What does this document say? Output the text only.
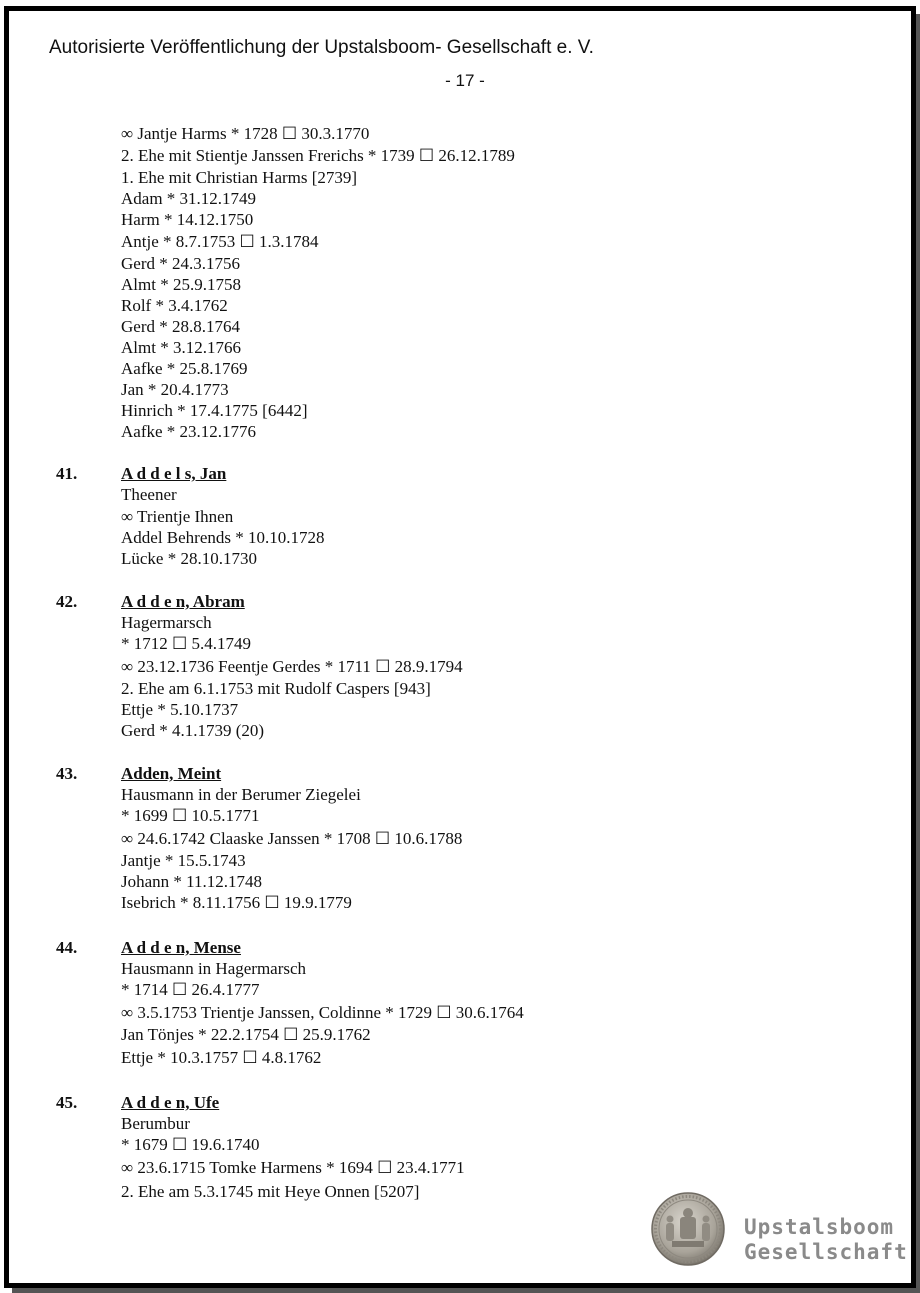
Autorisierte Veröffentlichung der Upstalsboom- Gesellschaft e. V.
- 17 -
∞ Jantje Harms * 1728 ☐ 30.3.1770
2. Ehe mit Stientje Janssen Frerichs * 1739 ☐ 26.12.1789
1. Ehe mit Christian Harms [2739]
Adam * 31.12.1749
Harm * 14.12.1750
Antje * 8.7.1753 ☐ 1.3.1784
Gerd * 24.3.1756
Almt * 25.9.1758
Rolf * 3.4.1762
Gerd * 28.8.1764
Almt * 3.12.1766
Aafke * 25.8.1769
Jan * 20.4.1773
Hinrich * 17.4.1775 [6442]
Aafke * 23.12.1776
41.	A d d e l s, Jan
Theener
∞ Trientje Ihnen
Addel Behrends * 10.10.1728
Lücke * 28.10.1730
42.	A d d e n, Abram
Hagermarsch
* 1712 ☐ 5.4.1749
∞ 23.12.1736 Feentje Gerdes * 1711 ☐ 28.9.1794
2. Ehe am 6.1.1753 mit Rudolf Caspers [943]
Ettje * 5.10.1737
Gerd * 4.1.1739 (20)
43.	Adden, Meint
Hausmann in der Berumer Ziegelei
* 1699 ☐ 10.5.1771
∞ 24.6.1742 Claaske Janssen * 1708 ☐ 10.6.1788
Jantje * 15.5.1743
Johann * 11.12.1748
Isebrich * 8.11.1756 ☐ 19.9.1779
44.	A d d e n, Mense
Hausmann in Hagermarsch
* 1714 ☐ 26.4.1777
∞ 3.5.1753 Trientje Janssen, Coldinne * 1729 ☐ 30.6.1764
Jan Tönjes * 22.2.1754 ☐ 25.9.1762
Ettje * 10.3.1757 ☐ 4.8.1762
45.	A d d e n, Ufe
Berumbur
* 1679 ☐ 19.6.1740
∞ 23.6.1715 Tomke Harmens * 1694 ☐ 23.4.1771
2. Ehe am 5.3.1745 mit Heye Onnen [5207]
Upstalsboom
Gesellschaft
